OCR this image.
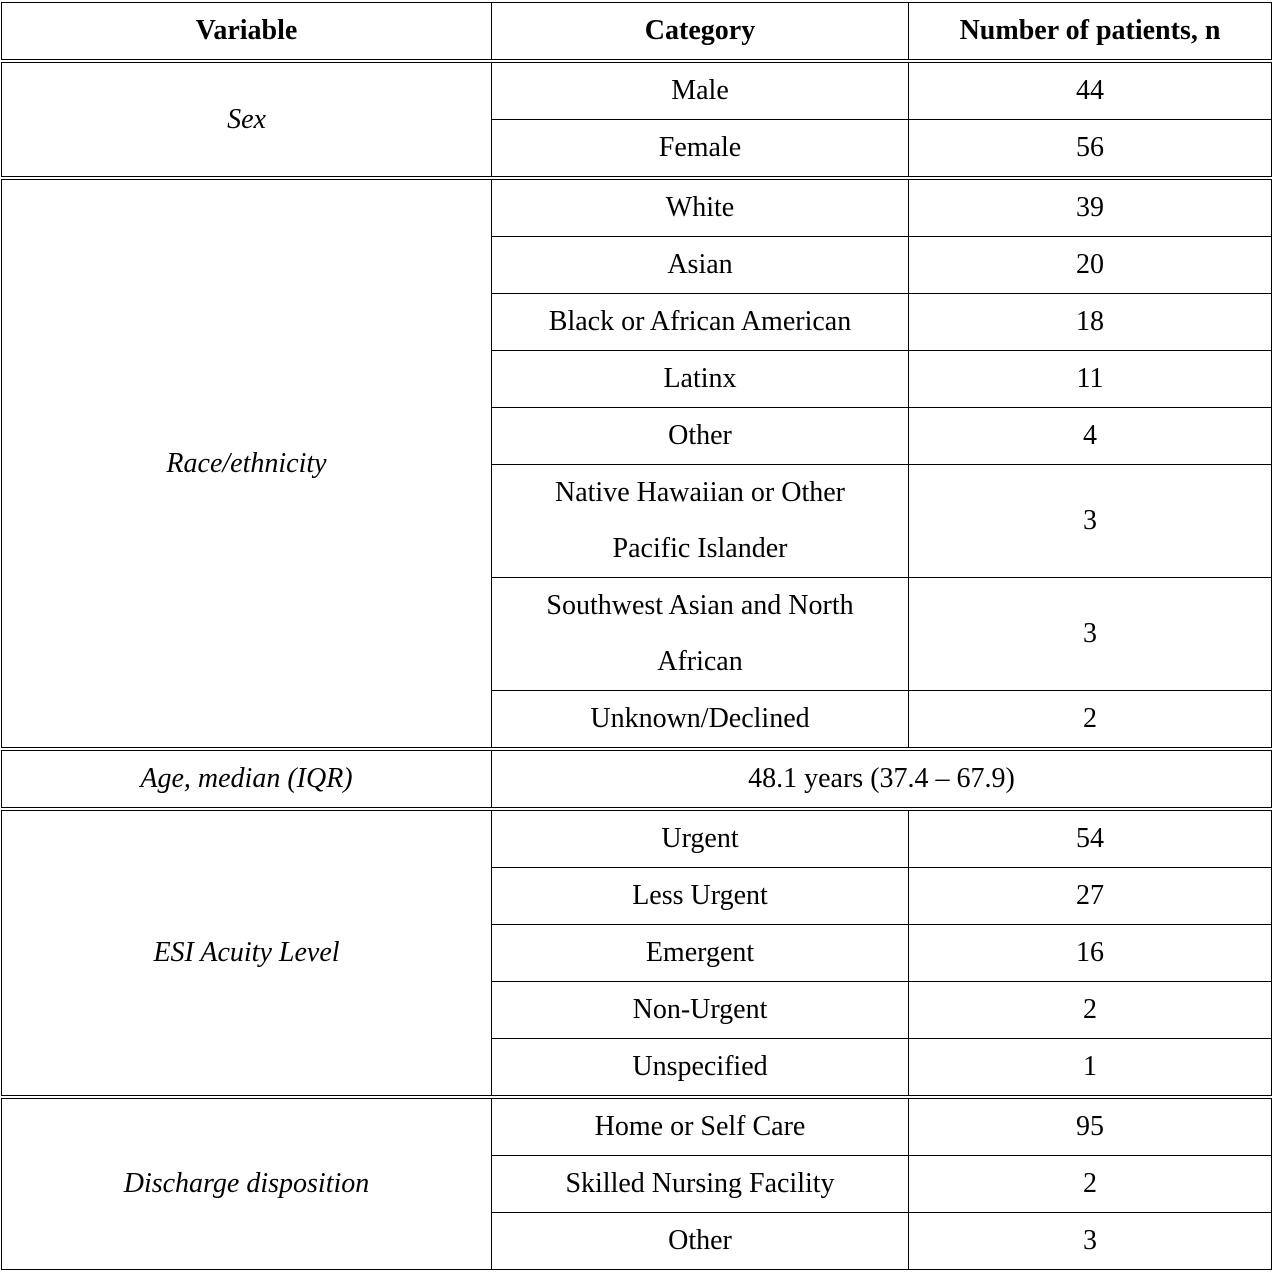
Variable	Category	Number of patients, n
Sex	Male	44
	Female	56
Race/ethnicity	White	39
	Asian	20
	Black or African American	18
	Latinx	11
	Other	4
	Native Hawaiian or Other Pacific Islander	3
	Southwest Asian and North African	3
	Unknown/Declined	2
Age, median (IQR)	48.1 years (37.4 – 67.9)	
ESI Acuity Level	Urgent	54
	Less Urgent	27
	Emergent	16
	Non-Urgent	2
	Unspecified	1
Discharge disposition	Home or Self Care	95
	Skilled Nursing Facility	2
	Other	3
